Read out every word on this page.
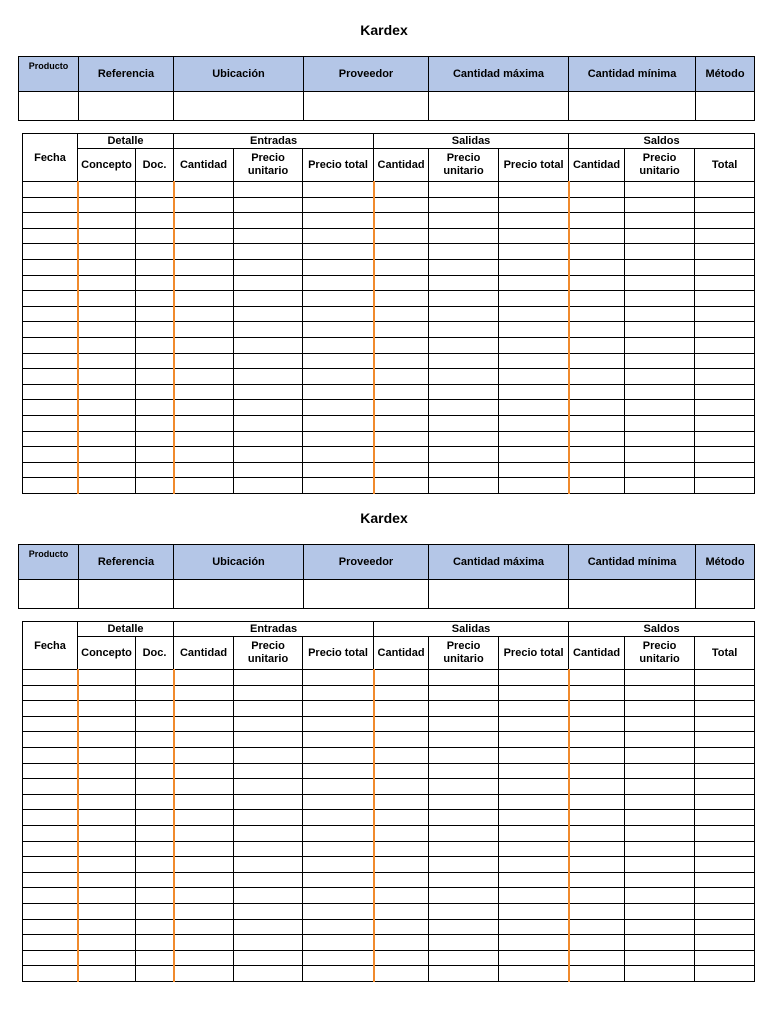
Kardex
Producto	Referencia	Ubicación	Proveedor	Cantidad máxima	Cantidad mínima	Método

Fecha	Detalle		Entradas			Salidas			Saldos		
	Concepto	Doc.	Cantidad	Precio unitario	Precio total	Cantidad	Precio unitario	Precio total	Cantidad	Precio unitario	Total

Kardex
Producto	Referencia	Ubicación	Proveedor	Cantidad máxima	Cantidad mínima	Método

Fecha	Detalle		Entradas			Salidas			Saldos		
	Concepto	Doc.	Cantidad	Precio unitario	Precio total	Cantidad	Precio unitario	Precio total	Cantidad	Precio unitario	Total
